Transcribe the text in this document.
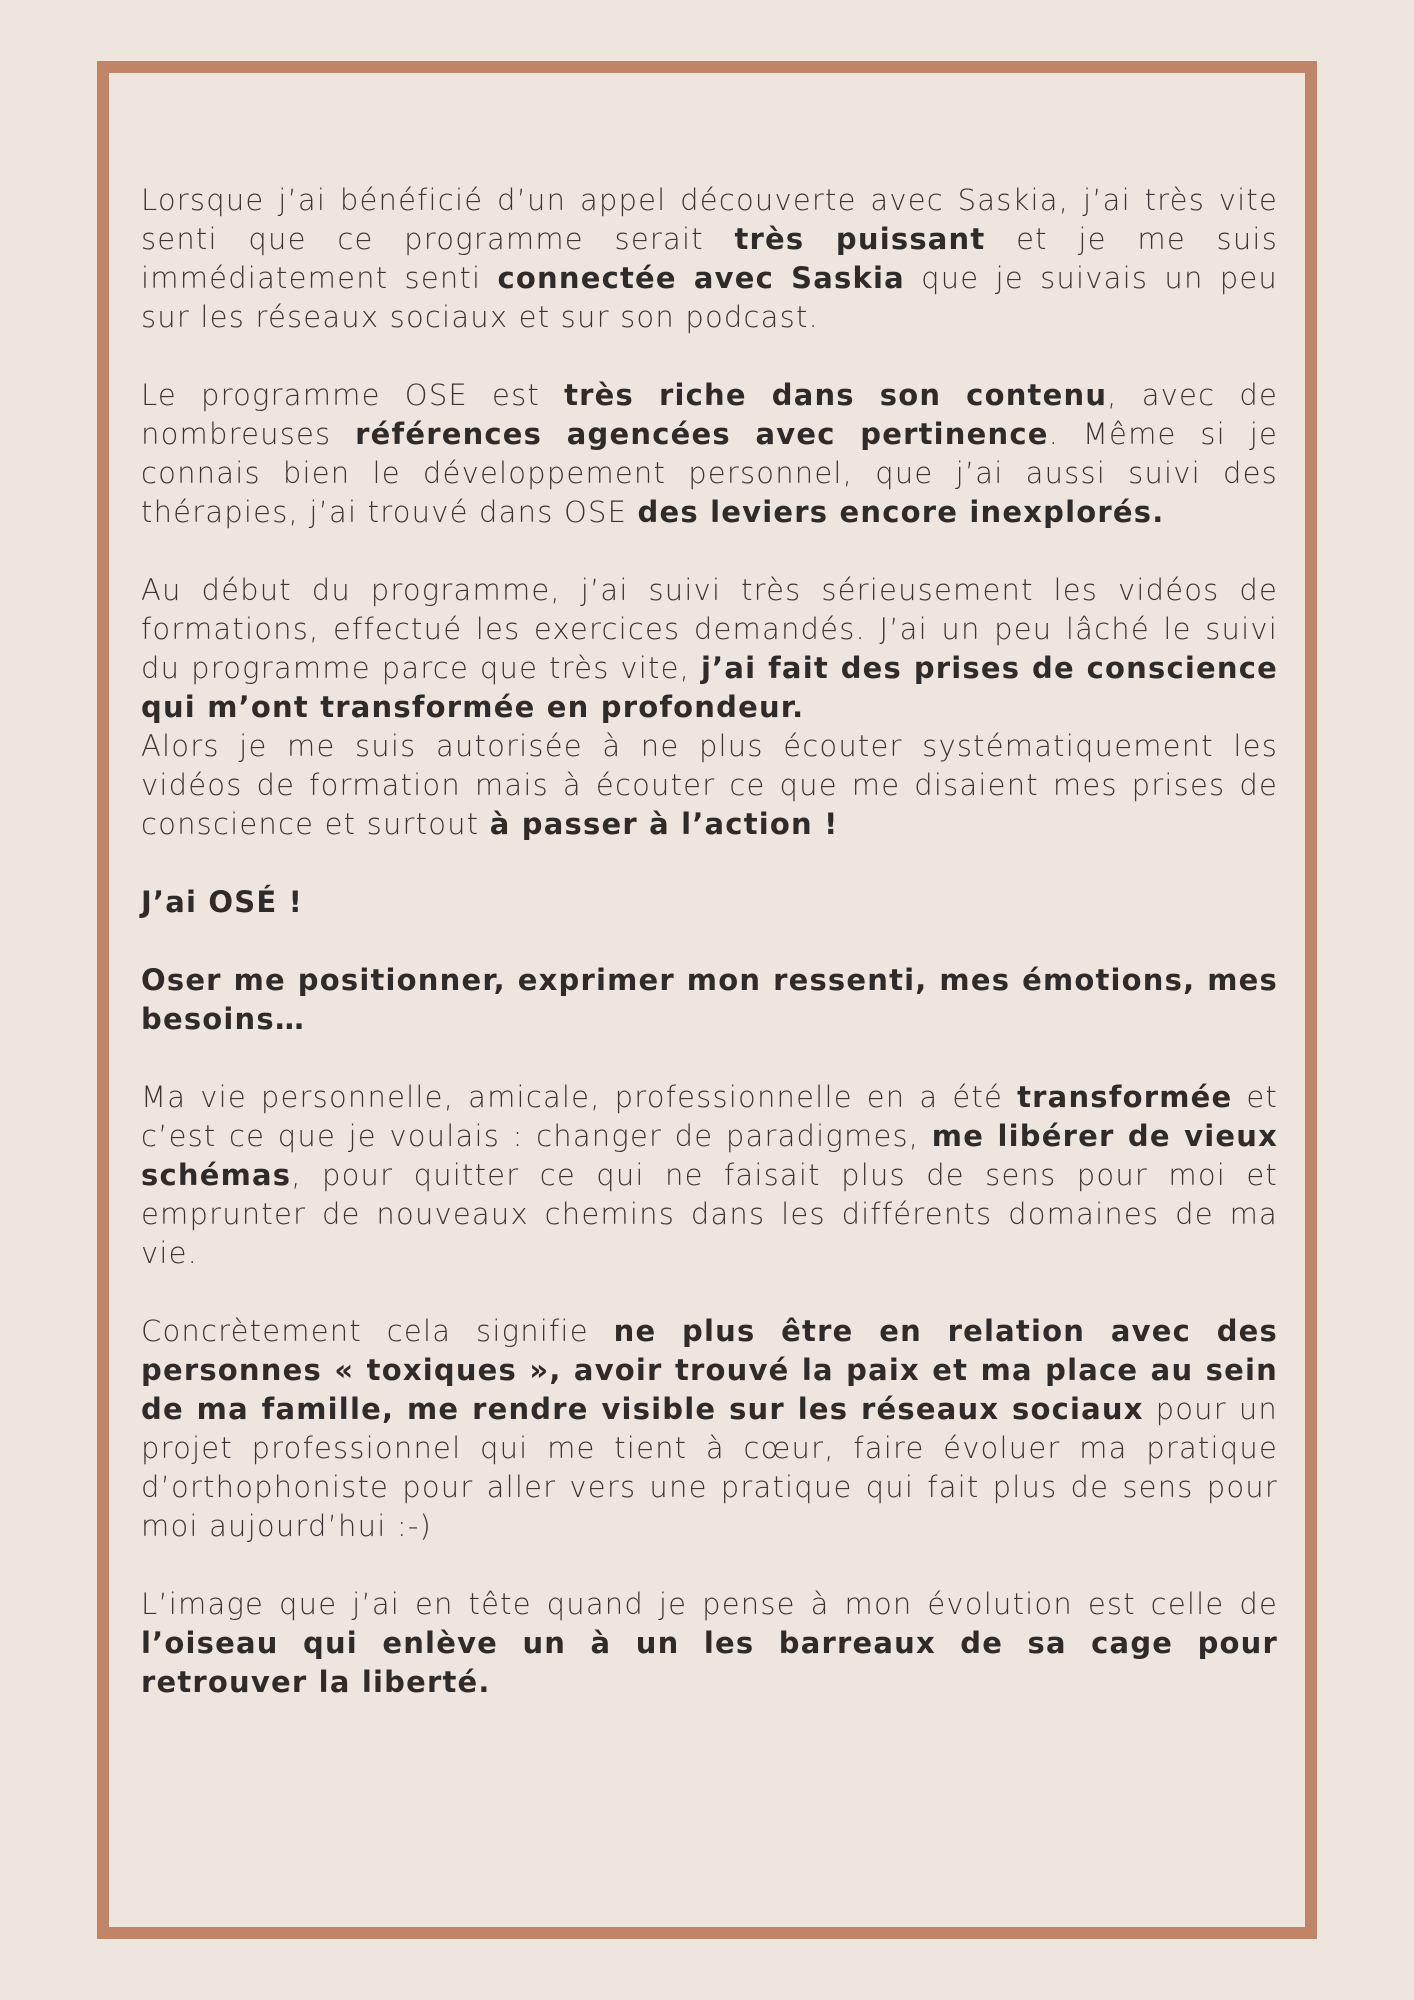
Lorsque j’ai bénéficié d’un appel découverte avec Saskia, j’ai très vite senti que ce programme serait très puissant et je me suis immédiatement senti connectée avec Saskia que je suivais un peu sur les réseaux sociaux et sur son podcast.

Le programme OSE est très riche dans son contenu, avec de nombreuses références agencées avec pertinence. Même si je connais bien le développement personnel, que j’ai aussi suivi des thérapies, j’ai trouvé dans OSE des leviers encore inexplorés.

Au début du programme, j’ai suivi très sérieusement les vidéos de formations, effectué les exercices demandés. J’ai un peu lâché le suivi du programme parce que très vite, j’ai fait des prises de conscience qui m’ont transformée en profondeur.

Alors je me suis autorisée à ne plus écouter systématiquement les vidéos de formation mais à écouter ce que me disaient mes prises de conscience et surtout à passer à l’action !

J’ai OSÉ !

Oser me positionner, exprimer mon ressenti, mes émotions, mes besoins…

Ma vie personnelle, amicale, professionnelle en a été transformée et c’est ce que je voulais : changer de paradigmes, me libérer de vieux schémas, pour quitter ce qui ne faisait plus de sens pour moi et emprunter de nouveaux chemins dans les différents domaines de ma vie.

Concrètement cela signifie ne plus être en relation avec des personnes « toxiques », avoir trouvé la paix et ma place au sein de ma famille, me rendre visible sur les réseaux sociaux pour un projet professionnel qui me tient à cœur, faire évoluer ma pratique d’orthophoniste pour aller vers une pratique qui fait plus de sens pour moi aujourd’hui :-)

L’image que j’ai en tête quand je pense à mon évolution est celle de l’oiseau qui enlève un à un les barreaux de sa cage pour retrouver la liberté.
